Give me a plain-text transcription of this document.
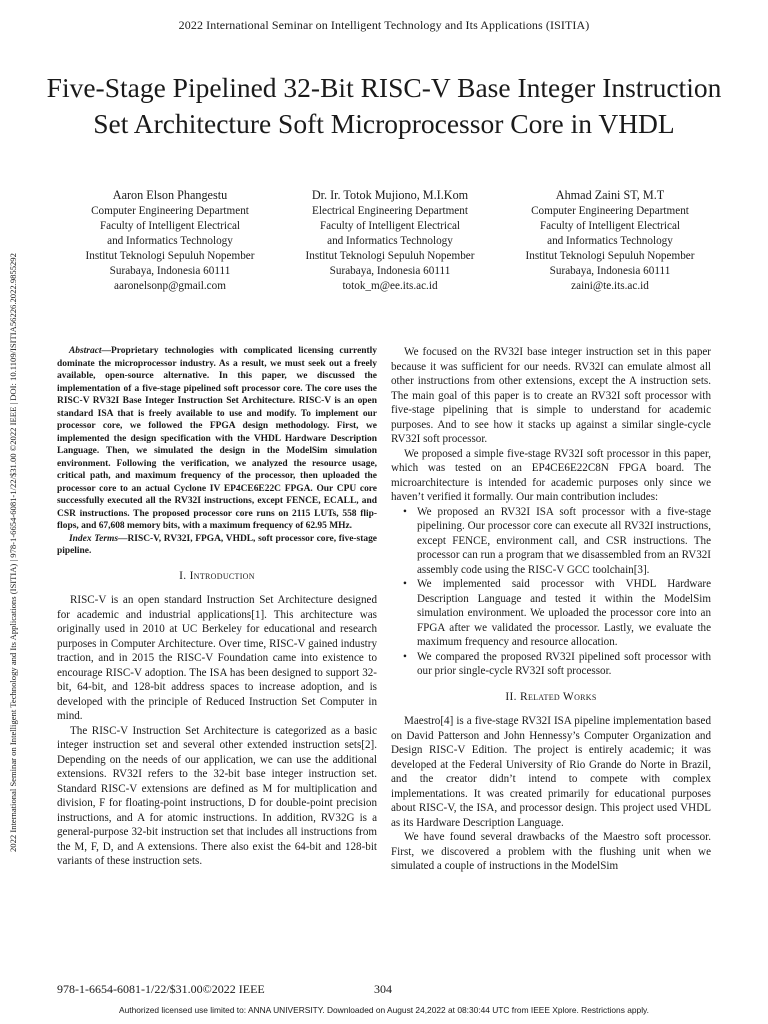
2022 International Seminar on Intelligent Technology and Its Applications (ISITIA)
2022 International Seminar on Intelligent Technology and Its Applications (ISITIA) | 978-1-6654-6081-1/22/$31.00 ©2022 IEEE | DOI: 10.1109/ISITIA56226.2022.9855292
Five-Stage Pipelined 32-Bit RISC-V Base Integer Instruction Set Architecture Soft Microprocessor Core in VHDL
Aaron Elson Phangestu
Computer Engineering Department
Faculty of Intelligent Electrical
and Informatics Technology
Institut Teknologi Sepuluh Nopember
Surabaya, Indonesia 60111
aaronelsonp@gmail.com
Dr. Ir. Totok Mujiono, M.I.Kom
Electrical Engineering Department
Faculty of Intelligent Electrical
and Informatics Technology
Institut Teknologi Sepuluh Nopember
Surabaya, Indonesia 60111
totok_m@ee.its.ac.id
Ahmad Zaini ST, M.T
Computer Engineering Department
Faculty of Intelligent Electrical
and Informatics Technology
Institut Teknologi Sepuluh Nopember
Surabaya, Indonesia 60111
zaini@te.its.ac.id

Abstract—Proprietary technologies with complicated licensing currently dominate the microprocessor industry. As a result, we must seek out a freely available, open-source alternative. In this paper, we discussed the implementation of a five-stage pipelined soft processor core. The core uses the RISC-V RV32I Base Integer Instruction Set Architecture. RISC-V is an open standard ISA that is freely available to use and modify. To implement our processor core, we followed the FPGA design methodology. First, we implemented the design specification with the VHDL Hardware Description Language. Then, we simulated the design in the ModelSim simulation environment. Following the verification, we analyzed the resource usage, critical path, and maximum frequency of the processor, then uploaded the processor core to an actual Cyclone IV EP4CE6E22C FPGA. Our CPU core successfully executed all the RV32I instructions, except FENCE, ECALL, and CSR instructions. The proposed processor core runs on 2115 LUTs, 558 flip-flops, and 67,608 memory bits, with a maximum frequency of 62.95 MHz.

Index Terms—RISC-V, RV32I, FPGA, VHDL, soft processor core, five-stage pipeline.

I. Introduction

RISC-V is an open standard Instruction Set Architecture designed for academic and industrial applications[1]. This architecture was originally used in 2010 at UC Berkeley for educational and research purposes in Computer Architecture. Over time, RISC-V gained industry traction, and in 2015 the RISC-V Foundation came into existence to encourage RISC-V adoption. The ISA has been designed to support 32-bit, 64-bit, and 128-bit address spaces to increase adoption, and is developed with the principle of Reduced Instruction Set Computer in mind.

The RISC-V Instruction Set Architecture is categorized as a basic integer instruction set and several other extended instruction sets[2]. Depending on the needs of our application, we can use the additional extensions. RV32I refers to the 32-bit base integer instruction set. Standard RISC-V extensions are defined as M for multiplication and division, F for floating-point instructions, D for double-point precision instructions, and A for atomic instructions. In addition, RV32G is a general-purpose 32-bit instruction set that includes all instructions from the M, F, D, and A extensions. There also exist the 64-bit and 128-bit variants of these instruction sets.

We focused on the RV32I base integer instruction set in this paper because it was sufficient for our needs. RV32I can emulate almost all other instructions from other extensions, except the A instruction sets. The main goal of this paper is to create an RV32I soft processor with five-stage pipelining that is simple to understand for academic purposes. And to see how it stacks up against a similar single-cycle RV32I soft processor.

We proposed a simple five-stage RV32I soft processor in this paper, which was tested on an EP4CE6E22C8N FPGA board. The microarchitecture is intended for academic purposes only since we haven’t verified it formally. Our main contribution includes:

• We proposed an RV32I ISA soft processor with a five-stage pipelining. Our processor core can execute all RV32I instructions, except FENCE, environment call, and CSR instructions. The processor can run a program that we disassembled from an RV32I assembly code using the RISC-V GCC toolchain[3].
• We implemented said processor with VHDL Hardware Description Language and tested it within the ModelSim simulation environment. We uploaded the processor core into an FPGA after we validated the processor. Lastly, we evaluate the maximum frequency and resource allocation.
• We compared the proposed RV32I pipelined soft processor with our prior single-cycle RV32I soft processor.
II. Related Works

Maestro[4] is a five-stage RV32I ISA pipeline implementation based on David Patterson and John Hennessy’s Computer Organization and Design RISC-V Edition. The project is entirely academic; it was developed at the Federal University of Rio Grande do Norte in Brazil, and the creator didn’t intend to compete with complex implementations. It was created primarily for educational purposes about RISC-V, the ISA, and processor design. This project used VHDL as its Hardware Description Language.

We have found several drawbacks of the Maestro soft processor. First, we discovered a problem with the flushing unit when we simulated a couple of instructions in the ModelSim

978-1-6654-6081-1/22/$31.00©2022 IEEE	304
Authorized licensed use limited to: ANNA UNIVERSITY. Downloaded on August 24,2022 at 08:30:44 UTC from IEEE Xplore. Restrictions apply.
